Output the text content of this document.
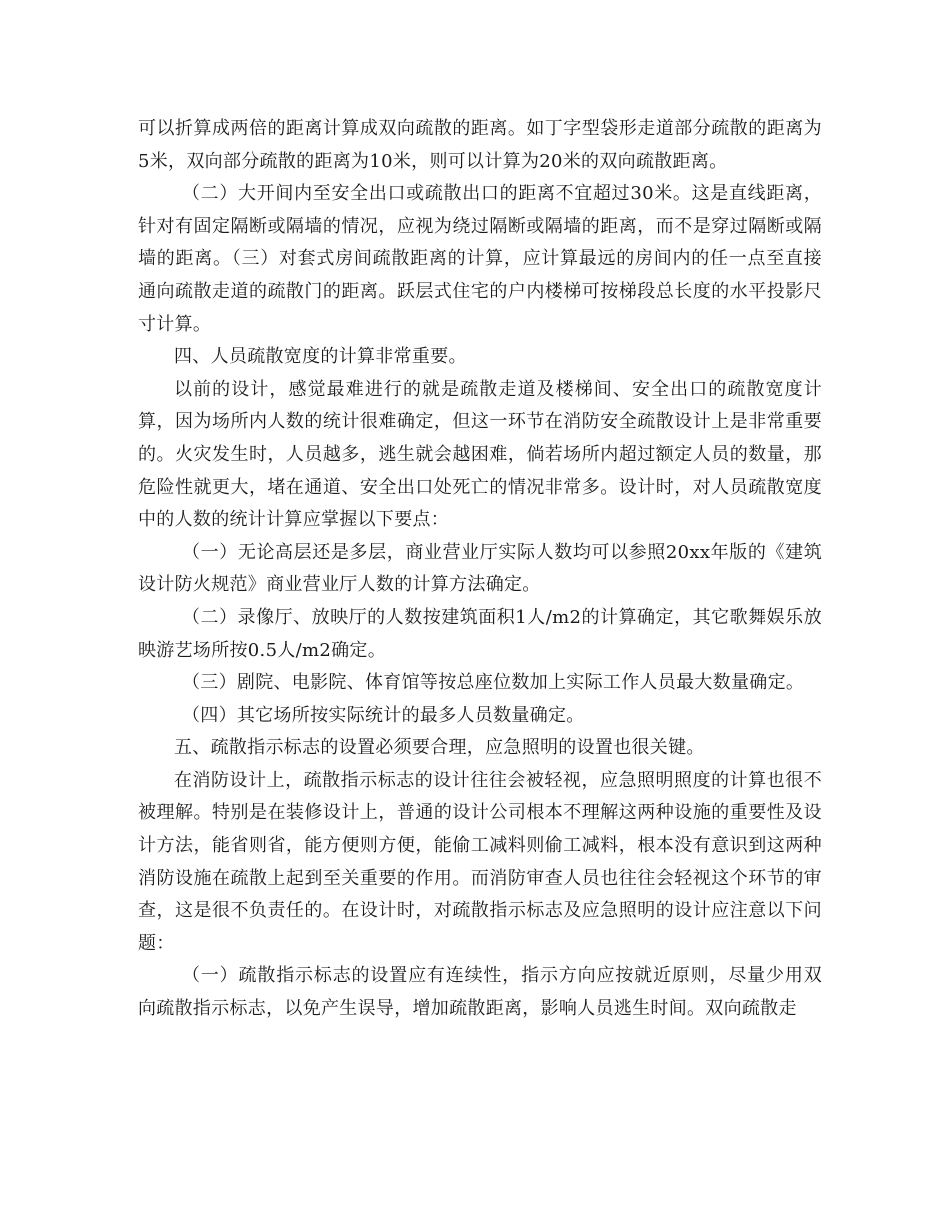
可以折算成两倍的距离计算成双向疏散的距离。如丁字型袋形走道部分疏散的距离为5米，双向部分疏散的距离为10米，则可以计算为20米的双向疏散距离。

（二）大开间内至安全出口或疏散出口的距离不宜超过30米。这是直线距离，针对有固定隔断或隔墙的情况，应视为绕过隔断或隔墙的距离，而不是穿过隔断或隔墙的距离。（三）对套式房间疏散距离的计算，应计算最远的房间内的任一点至直接通向疏散走道的疏散门的距离。跃层式住宅的户内楼梯可按梯段总长度的水平投影尺寸计算。

四、人员疏散宽度的计算非常重要。

以前的设计，感觉最难进行的就是疏散走道及楼梯间、安全出口的疏散宽度计算，因为场所内人数的统计很难确定，但这一环节在消防安全疏散设计上是非常重要的。火灾发生时，人员越多，逃生就会越困难，倘若场所内超过额定人员的数量，那危险性就更大，堵在通道、安全出口处死亡的情况非常多。设计时，对人员疏散宽度中的人数的统计计算应掌握以下要点：

（一）无论高层还是多层，商业营业厅实际人数均可以参照20xx年版的《建筑设计防火规范》商业营业厅人数的计算方法确定。

（二）录像厅、放映厅的人数按建筑面积1人/m2的计算确定，其它歌舞娱乐放映游艺场所按0.5人/m2确定。

（三）剧院、电影院、体育馆等按总座位数加上实际工作人员最大数量确定。

（四）其它场所按实际统计的最多人员数量确定。

五、疏散指示标志的设置必须要合理，应急照明的设置也很关键。

在消防设计上，疏散指示标志的设计往往会被轻视，应急照明照度的计算也很不被理解。特别是在装修设计上，普通的设计公司根本不理解这两种设施的重要性及设计方法，能省则省，能方便则方便，能偷工减料则偷工减料，根本没有意识到这两种消防设施在疏散上起到至关重要的作用。而消防审查人员也往往会轻视这个环节的审查，这是很不负责任的。在设计时，对疏散指示标志及应急照明的设计应注意以下问题：

（一）疏散指示标志的设置应有连续性，指示方向应按就近原则，尽量少用双向疏散指示标志，以免产生误导，增加疏散距离，影响人员逃生时间。双向疏散走
